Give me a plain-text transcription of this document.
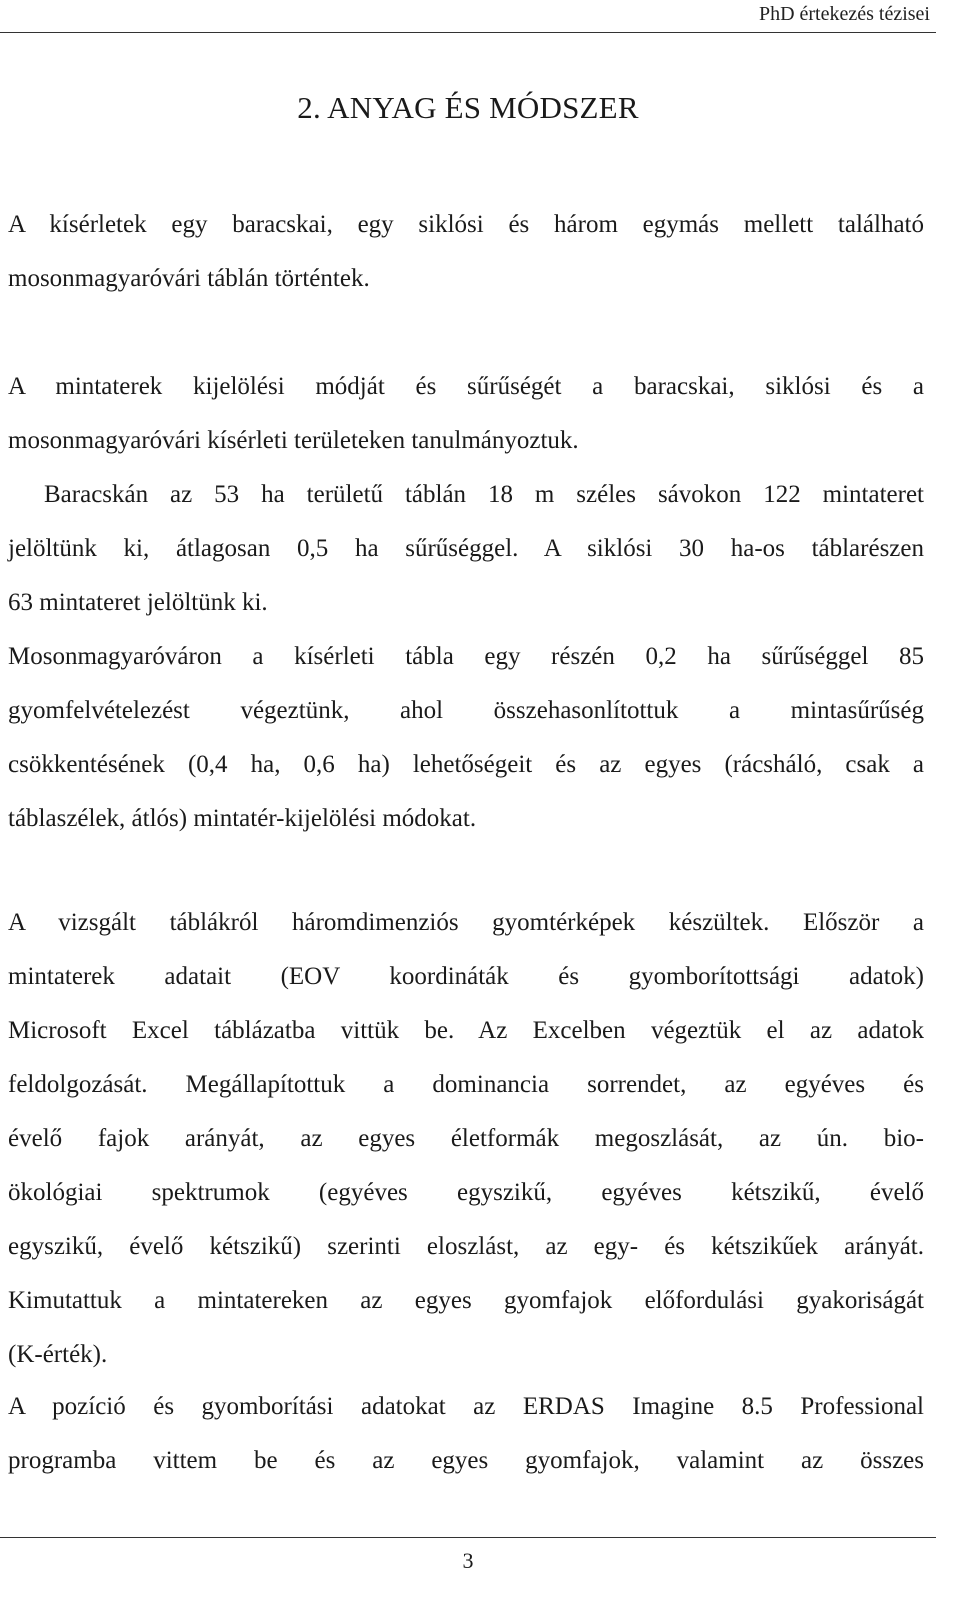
PhD értekezés tézisei
2. ANYAG ÉS MÓDSZER
A kísérletek egy baracskai, egy siklósi és három egymás mellett található
mosonmagyaróvári táblán történtek.
A mintaterek kijelölési módját és sűrűségét a baracskai, siklósi és a
mosonmagyaróvári kísérleti területeken tanulmányoztuk.
Baracskán az 53 ha területű táblán 18 m széles sávokon 122 mintateret
jelöltünk ki, átlagosan 0,5 ha sűrűséggel. A siklósi 30 ha-os táblarészen
63 mintateret jelöltünk ki.
Mosonmagyaróváron a kísérleti tábla egy részén 0,2 ha sűrűséggel 85
gyomfelvételezést végeztünk, ahol összehasonlítottuk a mintasűrűség
csökkentésének (0,4 ha, 0,6 ha) lehetőségeit és az egyes (rácsháló, csak a
táblaszélek, átlós) mintatér-kijelölési módokat.
A vizsgált táblákról háromdimenziós gyomtérképek készültek. Először a
mintaterek adatait (EOV koordináták és gyomborítottsági adatok)
Microsoft Excel táblázatba vittük be. Az Excelben végeztük el az adatok
feldolgozását. Megállapítottuk a dominancia sorrendet, az egyéves és
évelő fajok arányát, az egyes életformák megoszlását, az ún. bio-
ökológiai spektrumok (egyéves egyszikű, egyéves kétszikű, évelő
egyszikű, évelő kétszikű) szerinti eloszlást, az egy- és kétszikűek arányát.
Kimutattuk a mintatereken az egyes gyomfajok előfordulási gyakoriságát
(K-érték).
A pozíció és gyomborítási adatokat az ERDAS Imagine 8.5 Professional
programba vittem be és az egyes gyomfajok, valamint az összes
3
